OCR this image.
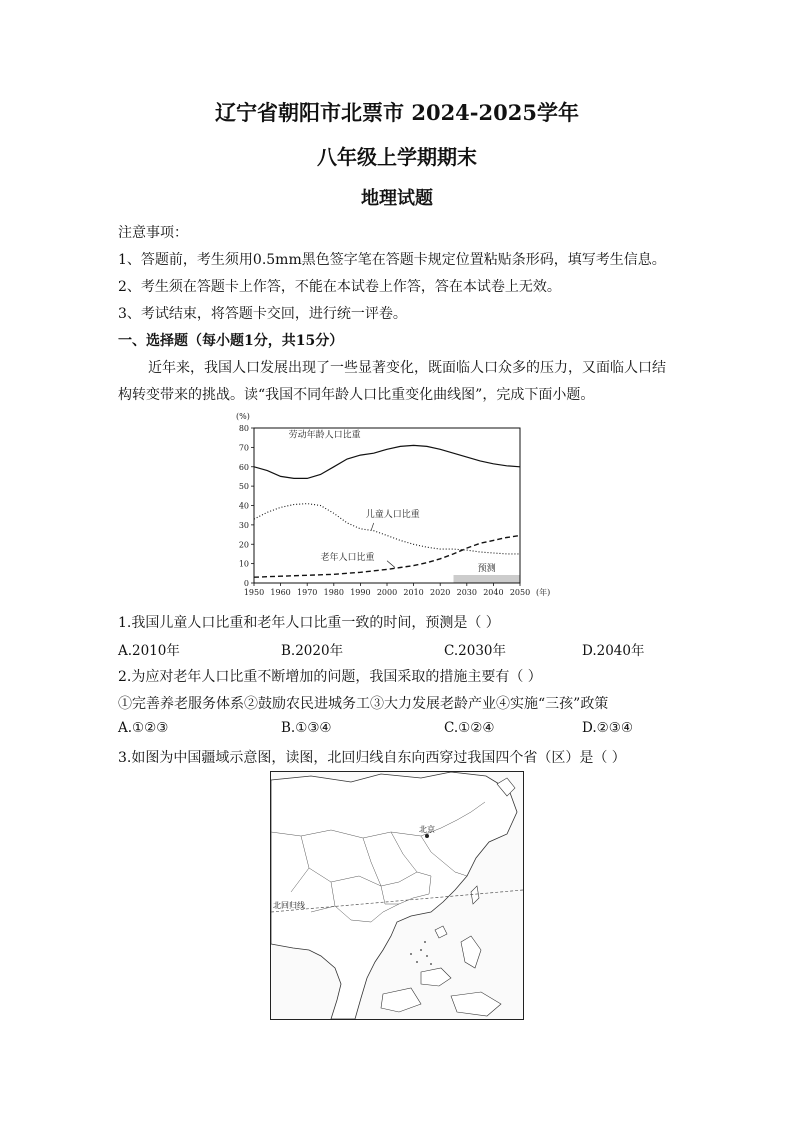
辽宁省朝阳市北票市 2024-2025学年
八年级上学期期末
地理试题
注意事项：
1、答题前，考生须用0.5mm黑色签字笔在答题卡规定位置粘贴条形码，填写考生信息。
2、考生须在答题卡上作答，不能在本试卷上作答，答在本试卷上无效。
3、考试结束，将答题卡交回，进行统一评卷。
一、选择题（每小题1分，共15分）
近年来，我国人口发展出现了一些显著变化，既面临人口众多的压力，又面临人口结
构转变带来的挑战。读“我国不同年龄人口比重变化曲线图”，完成下面小题。
预测
0
10
20
30
40
50
60
70
80
1950 1960 1970 1980 1990 2000 2010 2020 2030 2040 2050
(%)
(年)
劳动年龄人口比重
儿童人口比重
老年人口比重
1.我国儿童人口比重和老年人口比重一致的时间，预测是（ ）
A.2010年	B.2020年	C.2030年	D.2040年
2.为应对老年人口比重不断增加的问题，我国采取的措施主要有（ ）
①完善养老服务体系②鼓励农民进城务工③大力发展老龄产业④实施“三孩”政策
A.①②③	B.①③④	C.①②④	D.②③④
3.如图为中国疆域示意图，读图，北回归线自东向西穿过我国四个省（区）是（ ）
北京
北回归线
